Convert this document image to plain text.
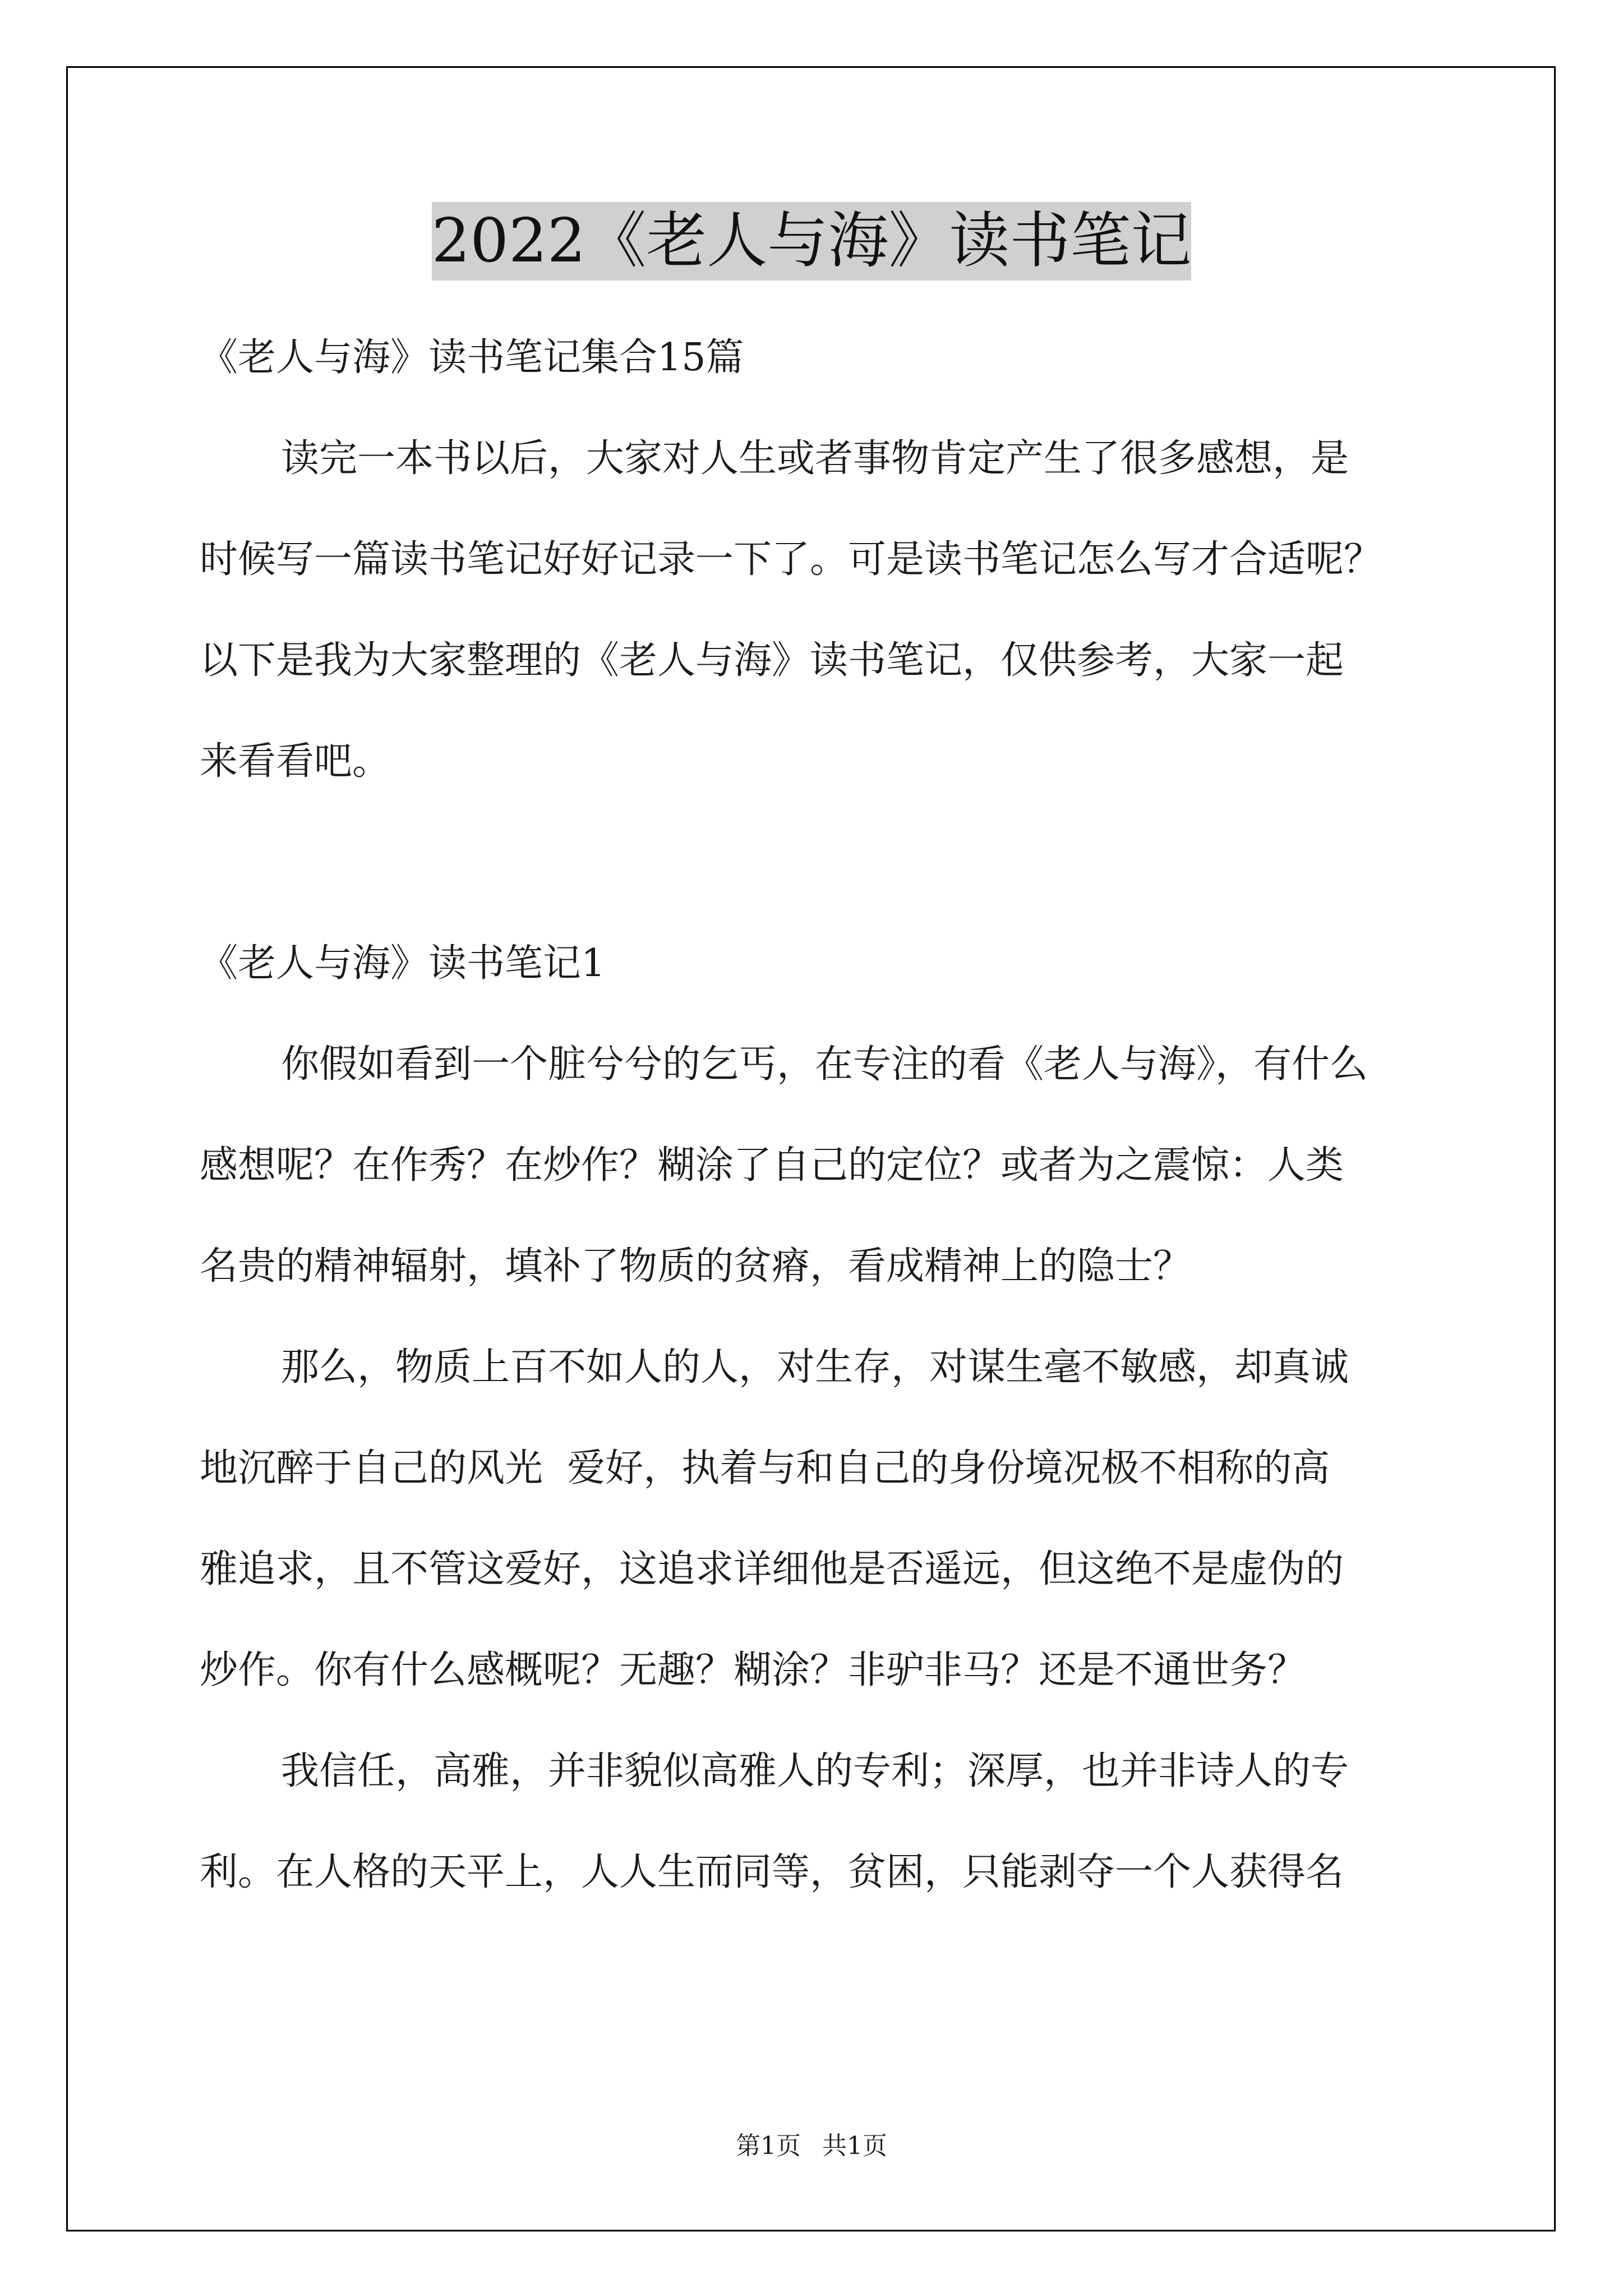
2022《老人与海》读书笔记
《老人与海》读书笔记集合15篇
读完一本书以后，大家对人生或者事物肯定产生了很多感想，是
时候写一篇读书笔记好好记录一下了。可是读书笔记怎么写才合适呢？
以下是我为大家整理的《老人与海》读书笔记，仅供参考，大家一起
来看看吧。
《老人与海》读书笔记1
你假如看到一个脏兮兮的乞丐，在专注的看《老人与海》，有什么
感想呢？在作秀？在炒作？糊涂了自己的定位？或者为之震惊：人类
名贵的精神辐射，填补了物质的贫瘠，看成精神上的隐士？
那么，物质上百不如人的人，对生存，对谋生毫不敏感，却真诚
地沉醉于自己的风光  爱好，执着与和自己的身份境况极不相称的高
雅追求，且不管这爱好，这追求详细他是否遥远，但这绝不是虚伪的
炒作。你有什么感概呢？无趣？糊涂？非驴非马？还是不通世务？
我信任，高雅，并非貌似高雅人的专利；深厚，也并非诗人的专
利。在人格的天平上，人人生而同等，贫困，只能剥夺一个人获得名
第1页 共1页
